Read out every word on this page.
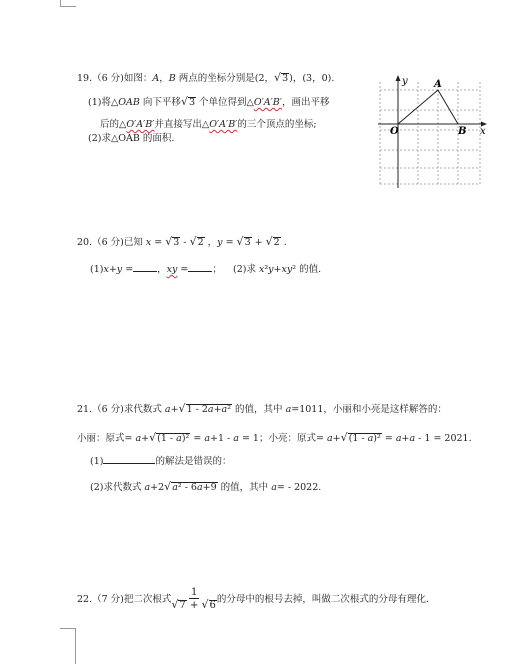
19.（6 分)如图：A，B 两点的坐标分别是(2，√3)，(3，0).
(1)将△OAB 向下平移√3 个单位得到△O′A′B′，画出平移
后的△O′A′B′并直接写出△O′A′B′的三个顶点的坐标;
(2)求△OAB 的面积.
y
x
O
A
B
20.（6 分)已知 x = √3 - √2 ，y = √3 + √2 .
(1)x+y =	，xy =	； (2)求 x²y+xy² 的值.
21.（6 分)求代数式 a+√1 - 2a+a² 的值，其中 a=1011，小丽和小亮是这样解答的：
小丽：原式= a+√(1 - a)² = a+1 - a = 1；小亮：原式= a+√(1 - a)² = a+a - 1 = 2021.
(1)	的解法是错误的：
(2)求代数式 a+2√a² - 6a+9 的值，其中 a= - 2022.
22.（7 分)把二次根式 $\frac{1}{√7 + √6}$ 的分母中的根号去掉，叫做二次根式的分母有理化.
